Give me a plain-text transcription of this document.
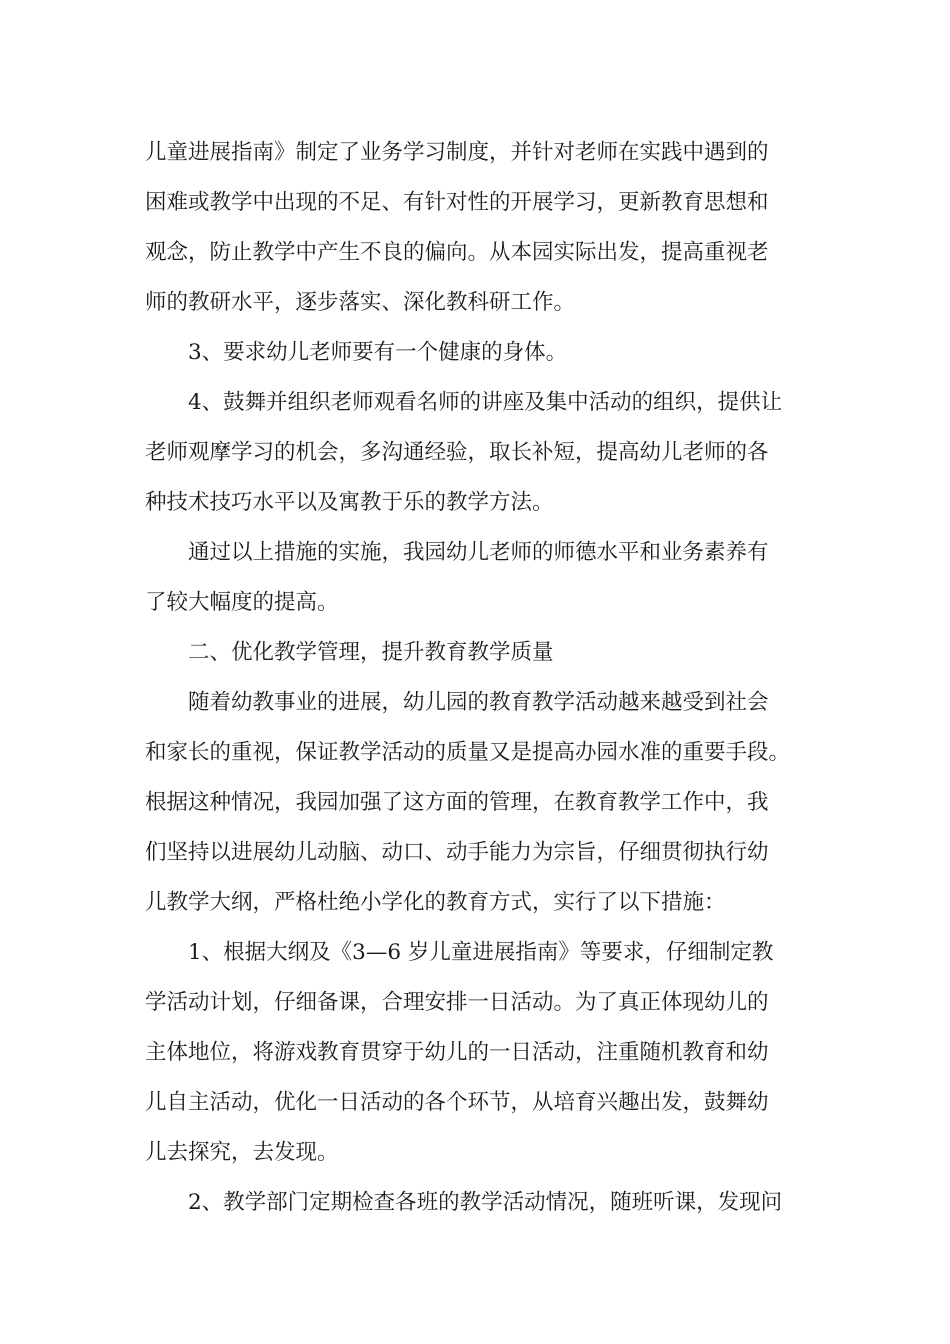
儿童进展指南》制定了业务学习制度，并针对老师在实践中遇到的
困难或教学中出现的不足、有针对性的开展学习，更新教育思想和
观念，防止教学中产生不良的偏向。从本园实际出发，提高重视老
师的教研水平，逐步落实、深化教科研工作。
3、要求幼儿老师要有一个健康的身体。
4、鼓舞并组织老师观看名师的讲座及集中活动的组织，提供让
老师观摩学习的机会，多沟通经验，取长补短，提高幼儿老师的各
种技术技巧水平以及寓教于乐的教学方法。
通过以上措施的实施，我园幼儿老师的师德水平和业务素养有
了较大幅度的提高。
二、优化教学管理，提升教育教学质量
随着幼教事业的进展，幼儿园的教育教学活动越来越受到社会
和家长的重视，保证教学活动的质量又是提高办园水准的重要手段。
根据这种情况，我园加强了这方面的管理，在教育教学工作中，我
们坚持以进展幼儿动脑、动口、动手能力为宗旨，仔细贯彻执行幼
儿教学大纲，严格杜绝小学化的教育方式，实行了以下措施：
1、根据大纲及《3—6 岁儿童进展指南》等要求，仔细制定教
学活动计划，仔细备课，合理安排一日活动。为了真正体现幼儿的
主体地位，将游戏教育贯穿于幼儿的一日活动，注重随机教育和幼
儿自主活动，优化一日活动的各个环节，从培育兴趣出发，鼓舞幼
儿去探究，去发现。
2、教学部门定期检查各班的教学活动情况，随班听课，发现问
